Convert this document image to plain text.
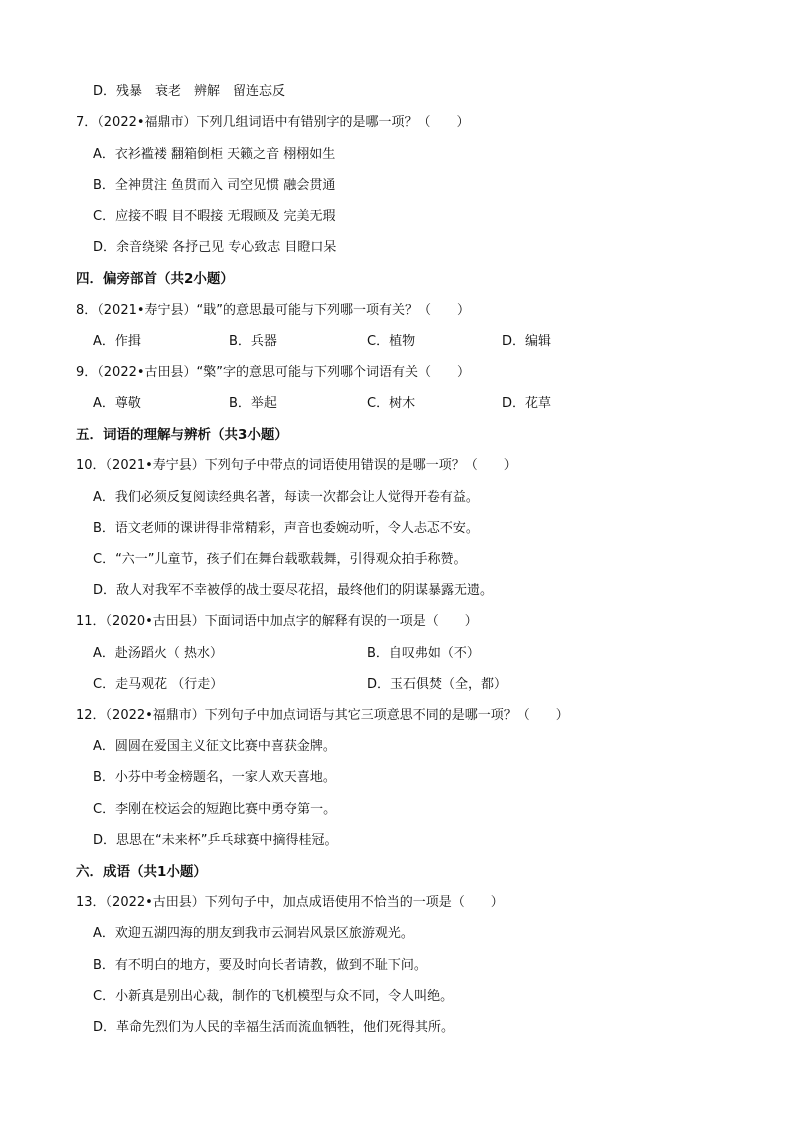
D．残暴　衰老　辨解　留连忘反
7．（2022•福鼎市）下列几组词语中有错别字的是哪一项？（　　）
A．衣衫褴褛 翻箱倒柜 天籁之音 栩栩如生
B．全神贯注 鱼贯而入 司空见惯 融会贯通
C．应接不暇 目不暇接 无瑕顾及 完美无瑕
D．余音绕梁 各抒己见 专心致志 目瞪口呆
四．偏旁部首（共2小题）
8．（2021•寿宁县）“戢”的意思最可能与下列哪一项有关？（　　）
A．作揖	B．兵器	C．植物	D．编辑
9．（2022•古田县）“檠”字的意思可能与下列哪个词语有关（　　）
A．尊敬	B．举起	C．树木	D．花草
五．词语的理解与辨析（共3小题）
10．（2021•寿宁县）下列句子中带点的词语使用错误的是哪一项？（　　）
A．我们必须反复阅读经典名著，每读一次都会让人觉得开卷有益。
B．语文老师的课讲得非常精彩，声音也委婉动听，令人忐忑不安。
C．“六一”儿童节，孩子们在舞台载歌载舞，引得观众拍手称赞。
D．敌人对我军不幸被俘的战士耍尽花招，最终他们的阴谋暴露无遗。
11．（2020•古田县）下面词语中加点字的解释有误的一项是（　　）
A．赴汤蹈火（ 热水）	B．自叹弗如（不）
C．走马观花 （行走）	D．玉石俱焚（全，都）
12．（2022•福鼎市）下列句子中加点词语与其它三项意思不同的是哪一项？（　　）
A．圆圆在爱国主义征文比赛中喜获金牌。
B．小芬中考金榜题名，一家人欢天喜地。
C．李刚在校运会的短跑比赛中勇夺第一。
D．思思在“未来杯”乒乓球赛中摘得桂冠。
六．成语（共1小题）
13．（2022•古田县）下列句子中，加点成语使用不恰当的一项是（　　）
A．欢迎五湖四海的朋友到我市云洞岩风景区旅游观光。
B．有不明白的地方，要及时向长者请教，做到不耻下问。
C．小新真是别出心裁，制作的飞机模型与众不同，令人叫绝。
D．革命先烈们为人民的幸福生活而流血牺牲，他们死得其所。
